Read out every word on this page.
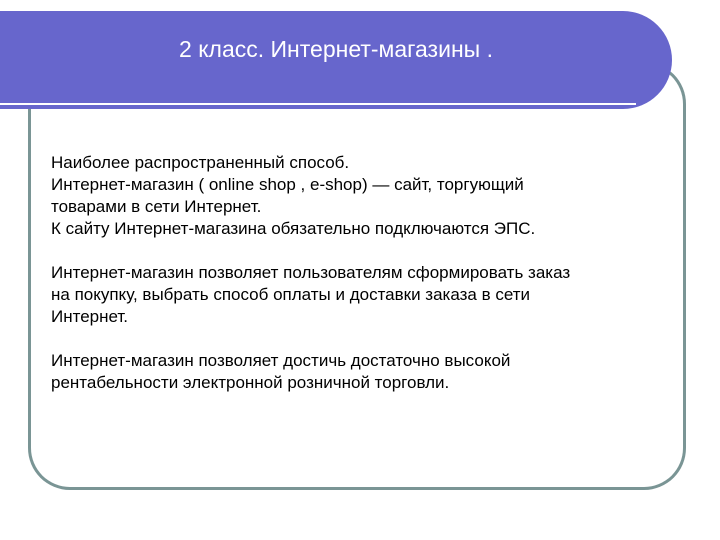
2 класс. Интернет-магазины .

Наиболее распространенный способ.
Интернет-магазин ( online shop , e-shop) — сайт, торгующий
товарами в сети Интернет.
К сайту Интернет-магазина обязательно подключаются ЭПС.

Интернет-магазин позволяет пользователям сформировать заказ
на покупку, выбрать способ оплаты и доставки заказа в сети
Интернет.

Интернет-магазин позволяет достичь достаточно высокой
рентабельности электронной розничной торговли.
